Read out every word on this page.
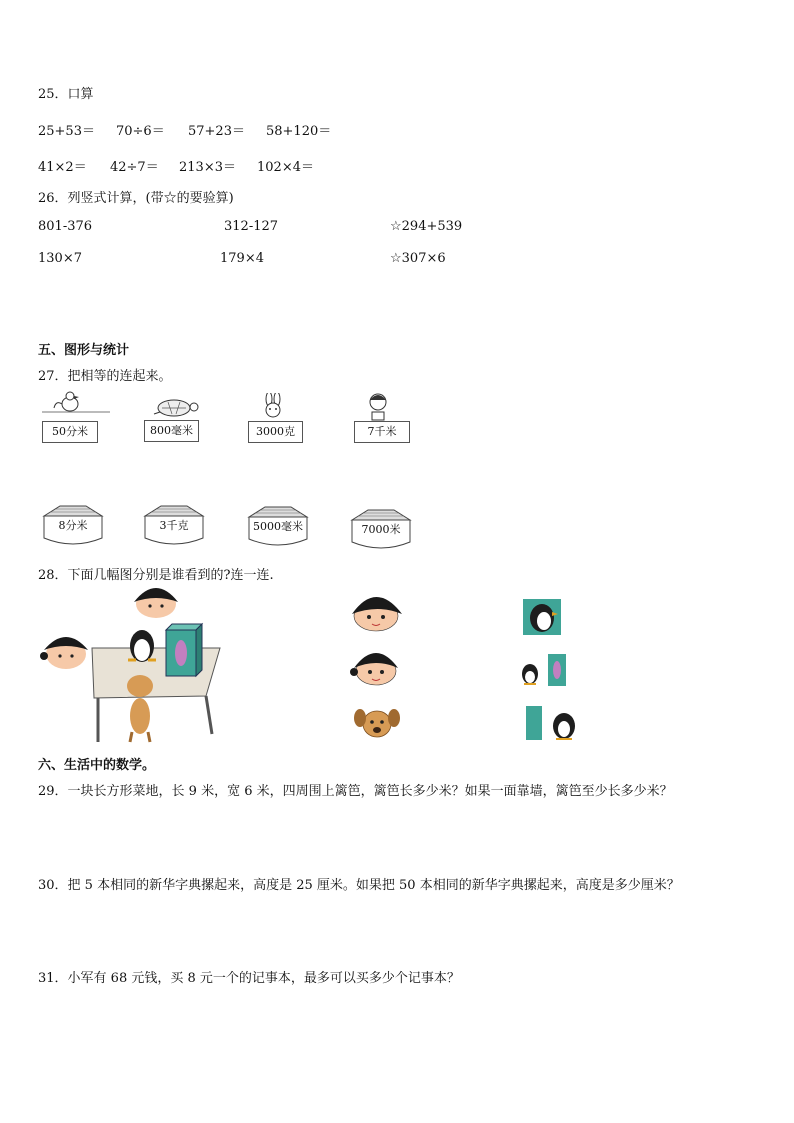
25．口算
25+53＝ 70÷6＝ 57+23＝ 58+120＝
41×2＝ 42÷7＝ 213×3＝ 102×4＝
26．列竖式计算，(带☆的要验算)
801-376	312-127	☆294+539
130×7	179×4	☆307×6
五、图形与统计
27．把相等的连起来。
50分米	800毫米	3000克	7千米
8分米	3千克	5000毫米	7000米
28．下面几幅图分别是谁看到的?连一连.
六、生活中的数学。
29．一块长方形菜地，长 9 米，宽 6 米，四周围上篱笆，篱笆长多少米？如果一面靠墙，篱笆至少长多少米？
30．把 5 本相同的新华字典摞起来，高度是 25 厘米。如果把 50 本相同的新华字典摞起来，高度是多少厘米？
31．小军有 68 元钱，买 8 元一个的记事本，最多可以买多少个记事本？
